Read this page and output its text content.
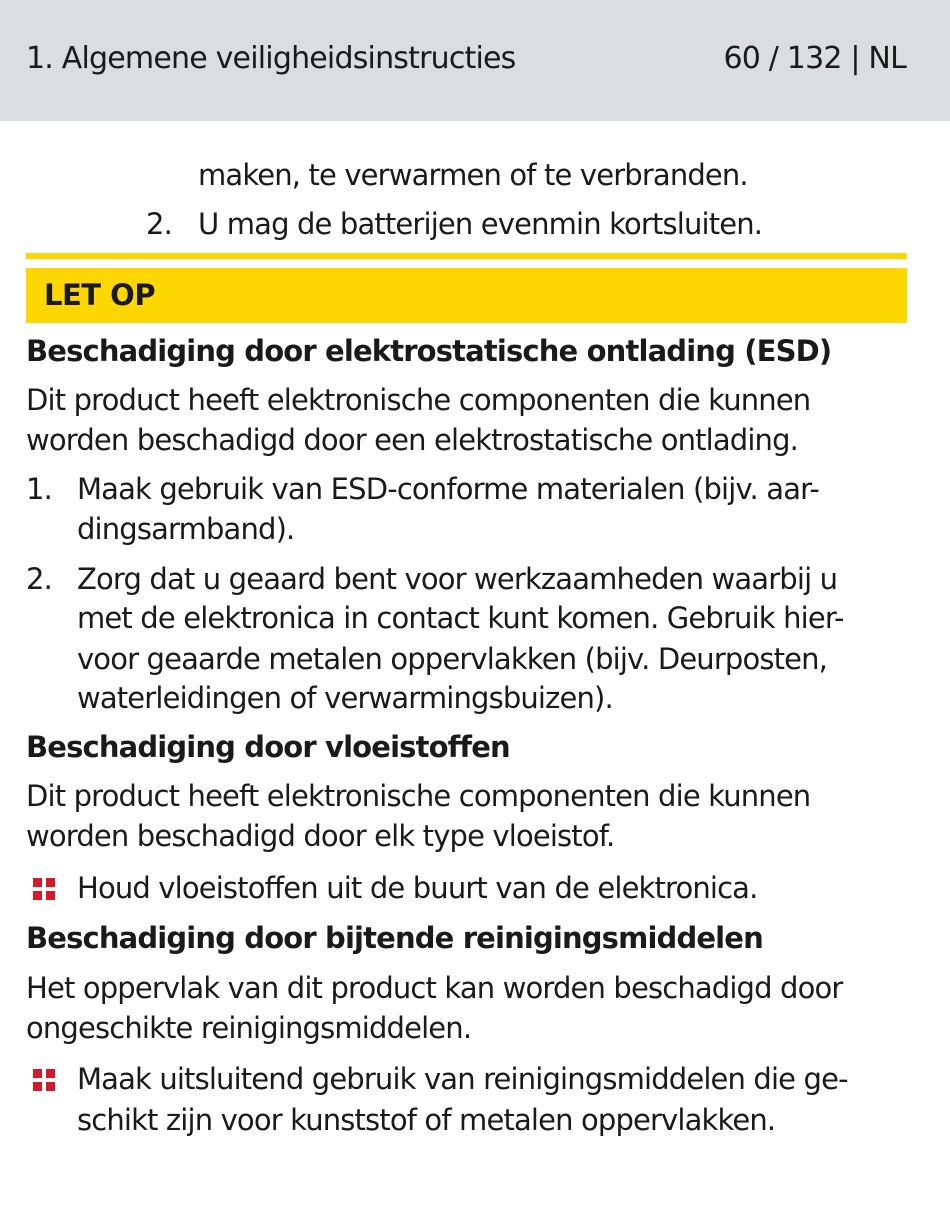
1. Algemene veiligheidsinstructies	60 / 132 | NL
maken, te verwarmen of te verbranden.
2. U mag de batterijen evenmin kortsluiten.
LET OP
Beschadiging door elektrostatische ontlading (ESD)
Dit product heeft elektronische componenten die kunnen
worden beschadigd door een elektrostatische ontlading.
1. Maak gebruik van ESD-conforme materialen (bijv. aar-
dingsarmband).
2. Zorg dat u geaard bent voor werkzaamheden waarbij u
met de elektronica in contact kunt komen. Gebruik hier-
voor geaarde metalen oppervlakken (bijv. Deurposten,
waterleidingen of verwarmingsbuizen).
Beschadiging door vloeistoffen
Dit product heeft elektronische componenten die kunnen
worden beschadigd door elk type vloeistof.
Houd vloeistoffen uit de buurt van de elektronica.
Beschadiging door bijtende reinigingsmiddelen
Het oppervlak van dit product kan worden beschadigd door
ongeschikte reinigingsmiddelen.
Maak uitsluitend gebruik van reinigingsmiddelen die ge-
schikt zijn voor kunststof of metalen oppervlakken.
